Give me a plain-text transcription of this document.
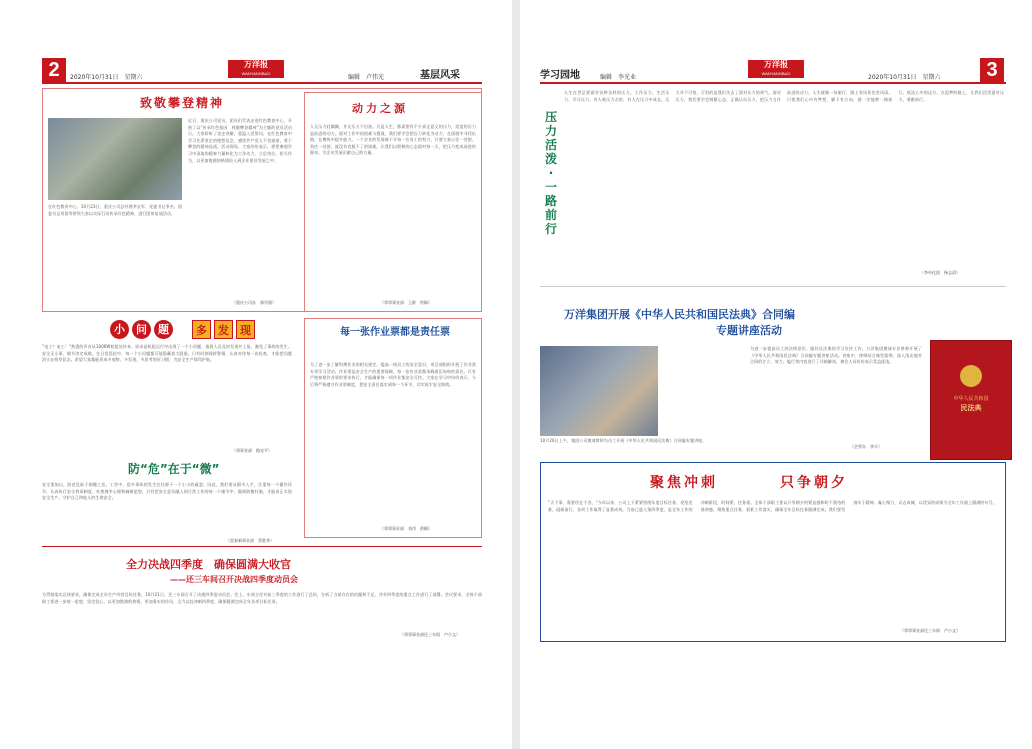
2	2020年10月31日　星期六
万洋报
WANYANGBAO
编辑　卢伟光	基层风采
致敬攀登精神
在红色教育中心，10月23日，重庆公司总经理李宝军、党委书记李杰、团委书记刘留等带领大家以实际行动传承红色精神，进行团体复诵活动。
近日，重庆公司党员、团员们代表走进红色教育中心，开展了以“传承红色基因　致敬攀登精神”为主题的党员活动日。大家聆听了党史讲解，重温入党誓词，在红色教育中学习先辈坚定的理想信念，感悟共产党人不畏艰难、勇于攀登的精神品质。活动现场，大家纷纷表示，要把参观学习中汲取的精神力量转化为工作动力，立足岗位、担当作为，以更加饱满的热情投入到企业建设发展之中。
（重庆公司办　郭学丽）
动力之源
人无压力轻飘飘，井无压力不出油。凡是人生，都需要有不少真正意义的压力，适度的压力是前进的动力。面对工作中的困难与挑战，我们要学会把压力转化为动力，在困境中寻找出路，在磨炼中提升能力。一个企业的发展离不开每一位员工的努力，只要大家心往一处想、劲往一处使，就没有克服不了的困难。让我们以积极的心态面对每一天，把压力变成前进的源泉，为企业发展贡献自己的力量。
（邻邻事业部　王群　供稿）
小	问	题	多	发	现
“电工？电工！”熟悉的声音从100KW机组处传来。原来是机组运行中出现了一个小问题，值班人员及时发现并上报，避免了事故的发生。安全无小事，细节决定成败。在日常巡检中，每一个小问题都可能隐藏着大隐患，只有时刻保持警惕，认真对待每一次检查，才能把问题消灭在萌芽状态。希望大家都能养成多观察、多发现、多思考的好习惯，为安全生产保驾护航。
（邻事业部　路光平）
每一张作业票都是责任票
为了进一步了解科博作业的相关规定，提高一线员工的安全意识，项目部组织开展了作业票专项学习活动。作业票是安全生产的重要保障，每一张作业票都承载着沉甸甸的责任。只有严格按照作业票的要求执行，才能确保每一项作业都安全可控。大家在学习中纷纷表示，今后将严格遵守作业票制度，把安全责任落实到每一个环节，切实筑牢安全防线。
（邻邻事业部　刘昂　供稿）
防“危”在于“微”
安全重如山，防范危险于细微之处。工作中，很多事故的发生往往源于一个小小的疏忽。因此，我们要从细节入手，注重每一个操作环节，认真执行安全规章制度，杜绝侥幸心理和麻痹思想。只有把安全意识融入到日常工作的每一个细节中，做到防微杜渐，才能真正实现安全生产，守护自己和他人的生命安全。
（雷泰新事业部　蔡胜华）
全力决战四季度　确保圆满大收官
——还三车间召开决战四季度动员会
为贯彻落实总体要求，确保完成全年生产经营目标任务，10月21日，还三车间召开了决战四季度动员会。会上，车间主任对前三季度的工作进行了总结，分析了当前存在的问题和不足，并对四季度的重点工作进行了部署。会议要求，全体干部职工要进一步统一思想，坚定信心，以更加饱满的热情、更加务实的作风，全力以赴冲刺四季度，确保圆满完成全年各项目标任务。
（邻邻事业部还三车间　卢小文）
学习园地	编辑　李光业
万洋报
WANYANGBAO
2020年10月31日　星期六	3
压力活泼·一路前行
人生在世总要面对各种各样的压力。工作压力、生活压力、学习压力，有人被压力击垮，有人在压力中成长。压力并不可怕，可怕的是我们失去了面对压力的勇气。面对压力，我们要学会调整心态，正确认识压力，把压力当作前进的动力。人生就像一场旅行，路上有风景也有风雨，只要我们心中有梦想，脚下有方向，就一定能够一路前行，抵达心中的远方。在追梦的路上，让我们活泼面对压力，勇敢前行。
（李申化团　杨志清）
万洋集团开展《中华人民共和国民法典》合同编
专题讲座活动
10月26日上午，集团公司邀请律师为员工开展《中华人民共和国民法典》合同编专题讲座。
为进一步提高员工的法律意识，做好民法典的学习宣传工作，万洋集团邀请专业律师开展了《中华人民共和国民法典》合同编专题讲座活动。讲座中，律师结合典型案例，深入浅出地对合同的订立、效力、履行等内容进行了详细解读，参会人员纷纷表示受益匪浅。
（企管办　李丰）
中华人民共和国
民法典
聚焦冲刺	只争朝夕
“天下事，需要功在不舍。”今年以来，公司上下紧紧围绕年度目标任务，攻坚克难，砥砺前行，各项工作取得了显著成效。当前已进入第四季度，是全年工作的冲刺阶段，时间紧、任务重。全体干部职工要以只争朝夕的紧迫感和时不我待的使命感，聚焦重点任务，狠抓工作落实，确保全年目标任务圆满完成。我们要发扬实干精神，凝心聚力，众志成城，以优异的成绩为全年工作画上圆满的句号。
（邻邻事业部还三车间　卢小文）
